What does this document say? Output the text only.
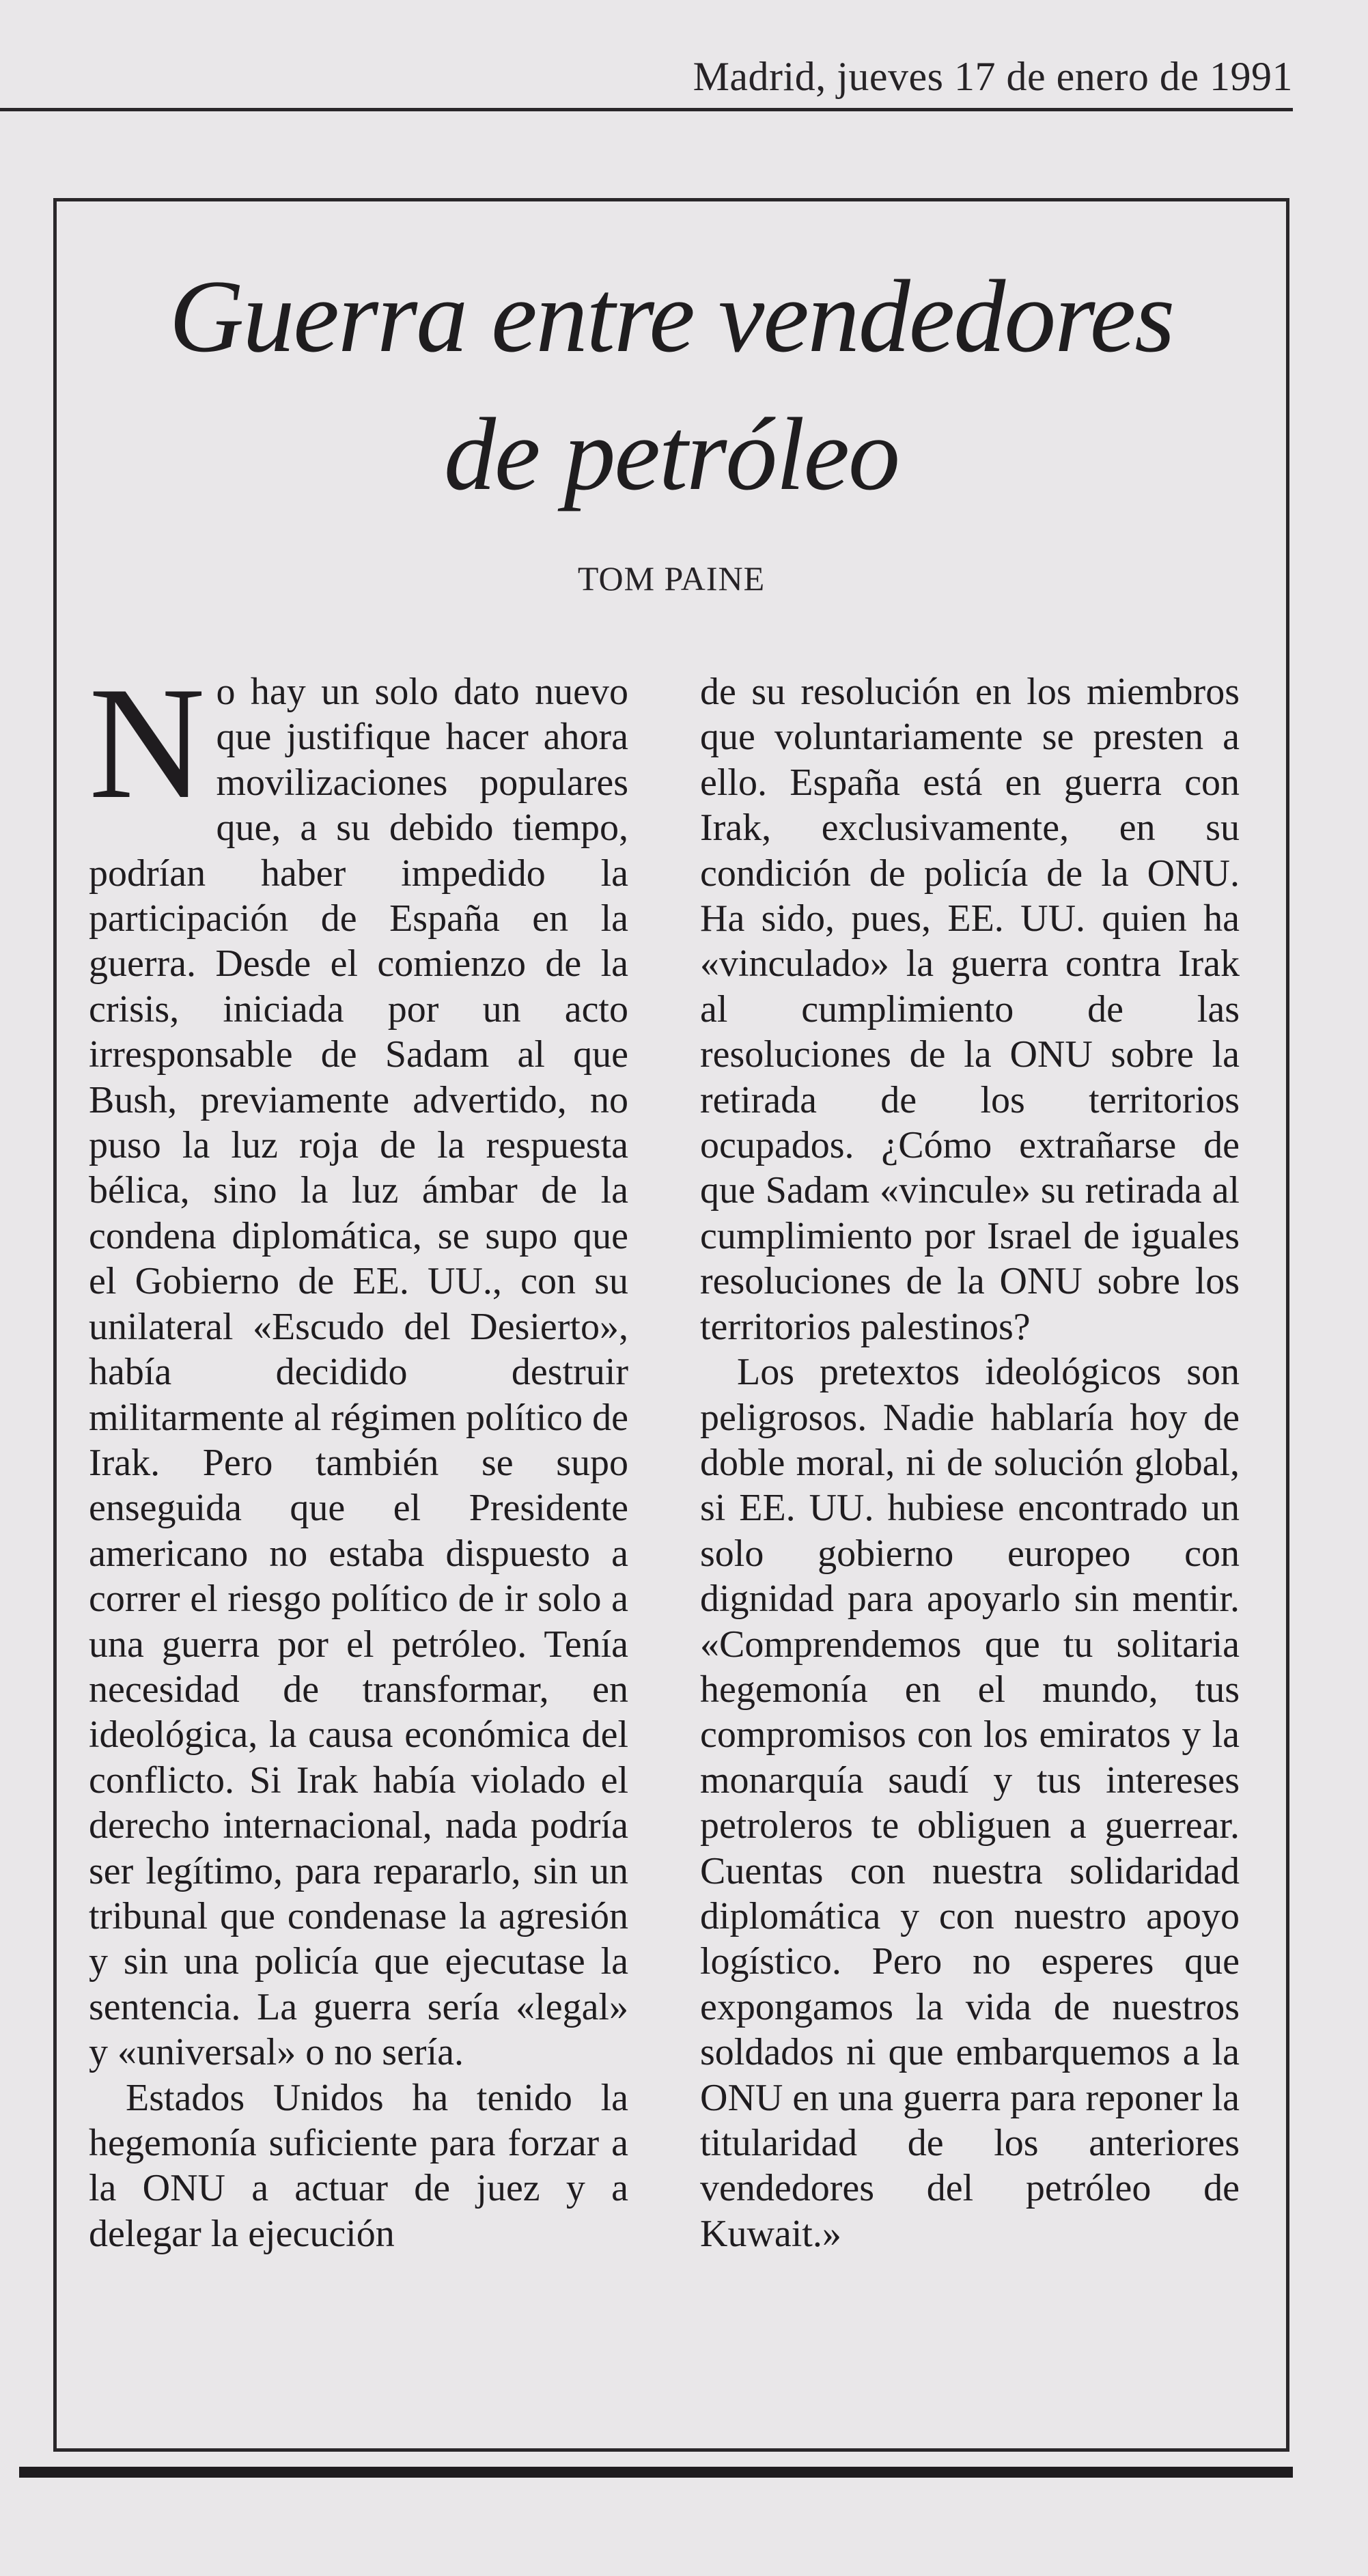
Madrid, jueves 17 de enero de 1991
Guerra entre vendedores
de petróleo
TOM PAINE

No hay un solo dato nuevo que justifique hacer ahora movilizaciones populares que, a su debido tiempo, podrían haber impedido la participación de España en la guerra. Desde el comienzo de la crisis, iniciada por un acto irresponsable de Sadam al que Bush, previamente advertido, no puso la luz roja de la respuesta bélica, sino la luz ámbar de la condena diplomática, se supo que el Gobierno de EE. UU., con su unilateral «Escudo del Desierto», había decidido destruir militarmente al régimen político de Irak. Pero también se supo enseguida que el Presidente americano no estaba dispuesto a correr el riesgo político de ir solo a una guerra por el petróleo. Tenía necesidad de transformar, en ideológica, la causa económica del conflicto. Si Irak había violado el derecho internacional, nada podría ser legítimo, para repararlo, sin un tribunal que condenase la agresión y sin una policía que ejecutase la sentencia. La guerra sería «legal» y «universal» o no sería.

Estados Unidos ha tenido la hegemonía suficiente para forzar a la ONU a actuar de juez y a delegar la ejecución

de su resolución en los miembros que voluntariamente se presten a ello. España está en guerra con Irak, exclusivamente, en su condición de policía de la ONU. Ha sido, pues, EE. UU. quien ha «vinculado» la guerra contra Irak al cumplimiento de las resoluciones de la ONU sobre la retirada de los territorios ocupados. ¿Cómo extrañarse de que Sadam «vincule» su retirada al cumplimiento por Israel de iguales resoluciones de la ONU sobre los territorios palestinos?

Los pretextos ideológicos son peligrosos. Nadie hablaría hoy de doble moral, ni de solución global, si EE. UU. hubiese encontrado un solo gobierno europeo con dignidad para apoyarlo sin mentir. «Comprendemos que tu solitaria hegemonía en el mundo, tus compromisos con los emiratos y la monarquía saudí y tus intereses petroleros te obliguen a guerrear. Cuentas con nuestra solidaridad diplomática y con nuestro apoyo logístico. Pero no esperes que expongamos la vida de nuestros soldados ni que embarquemos a la ONU en una guerra para reponer la titularidad de los anteriores vendedores del petróleo de Kuwait.»
